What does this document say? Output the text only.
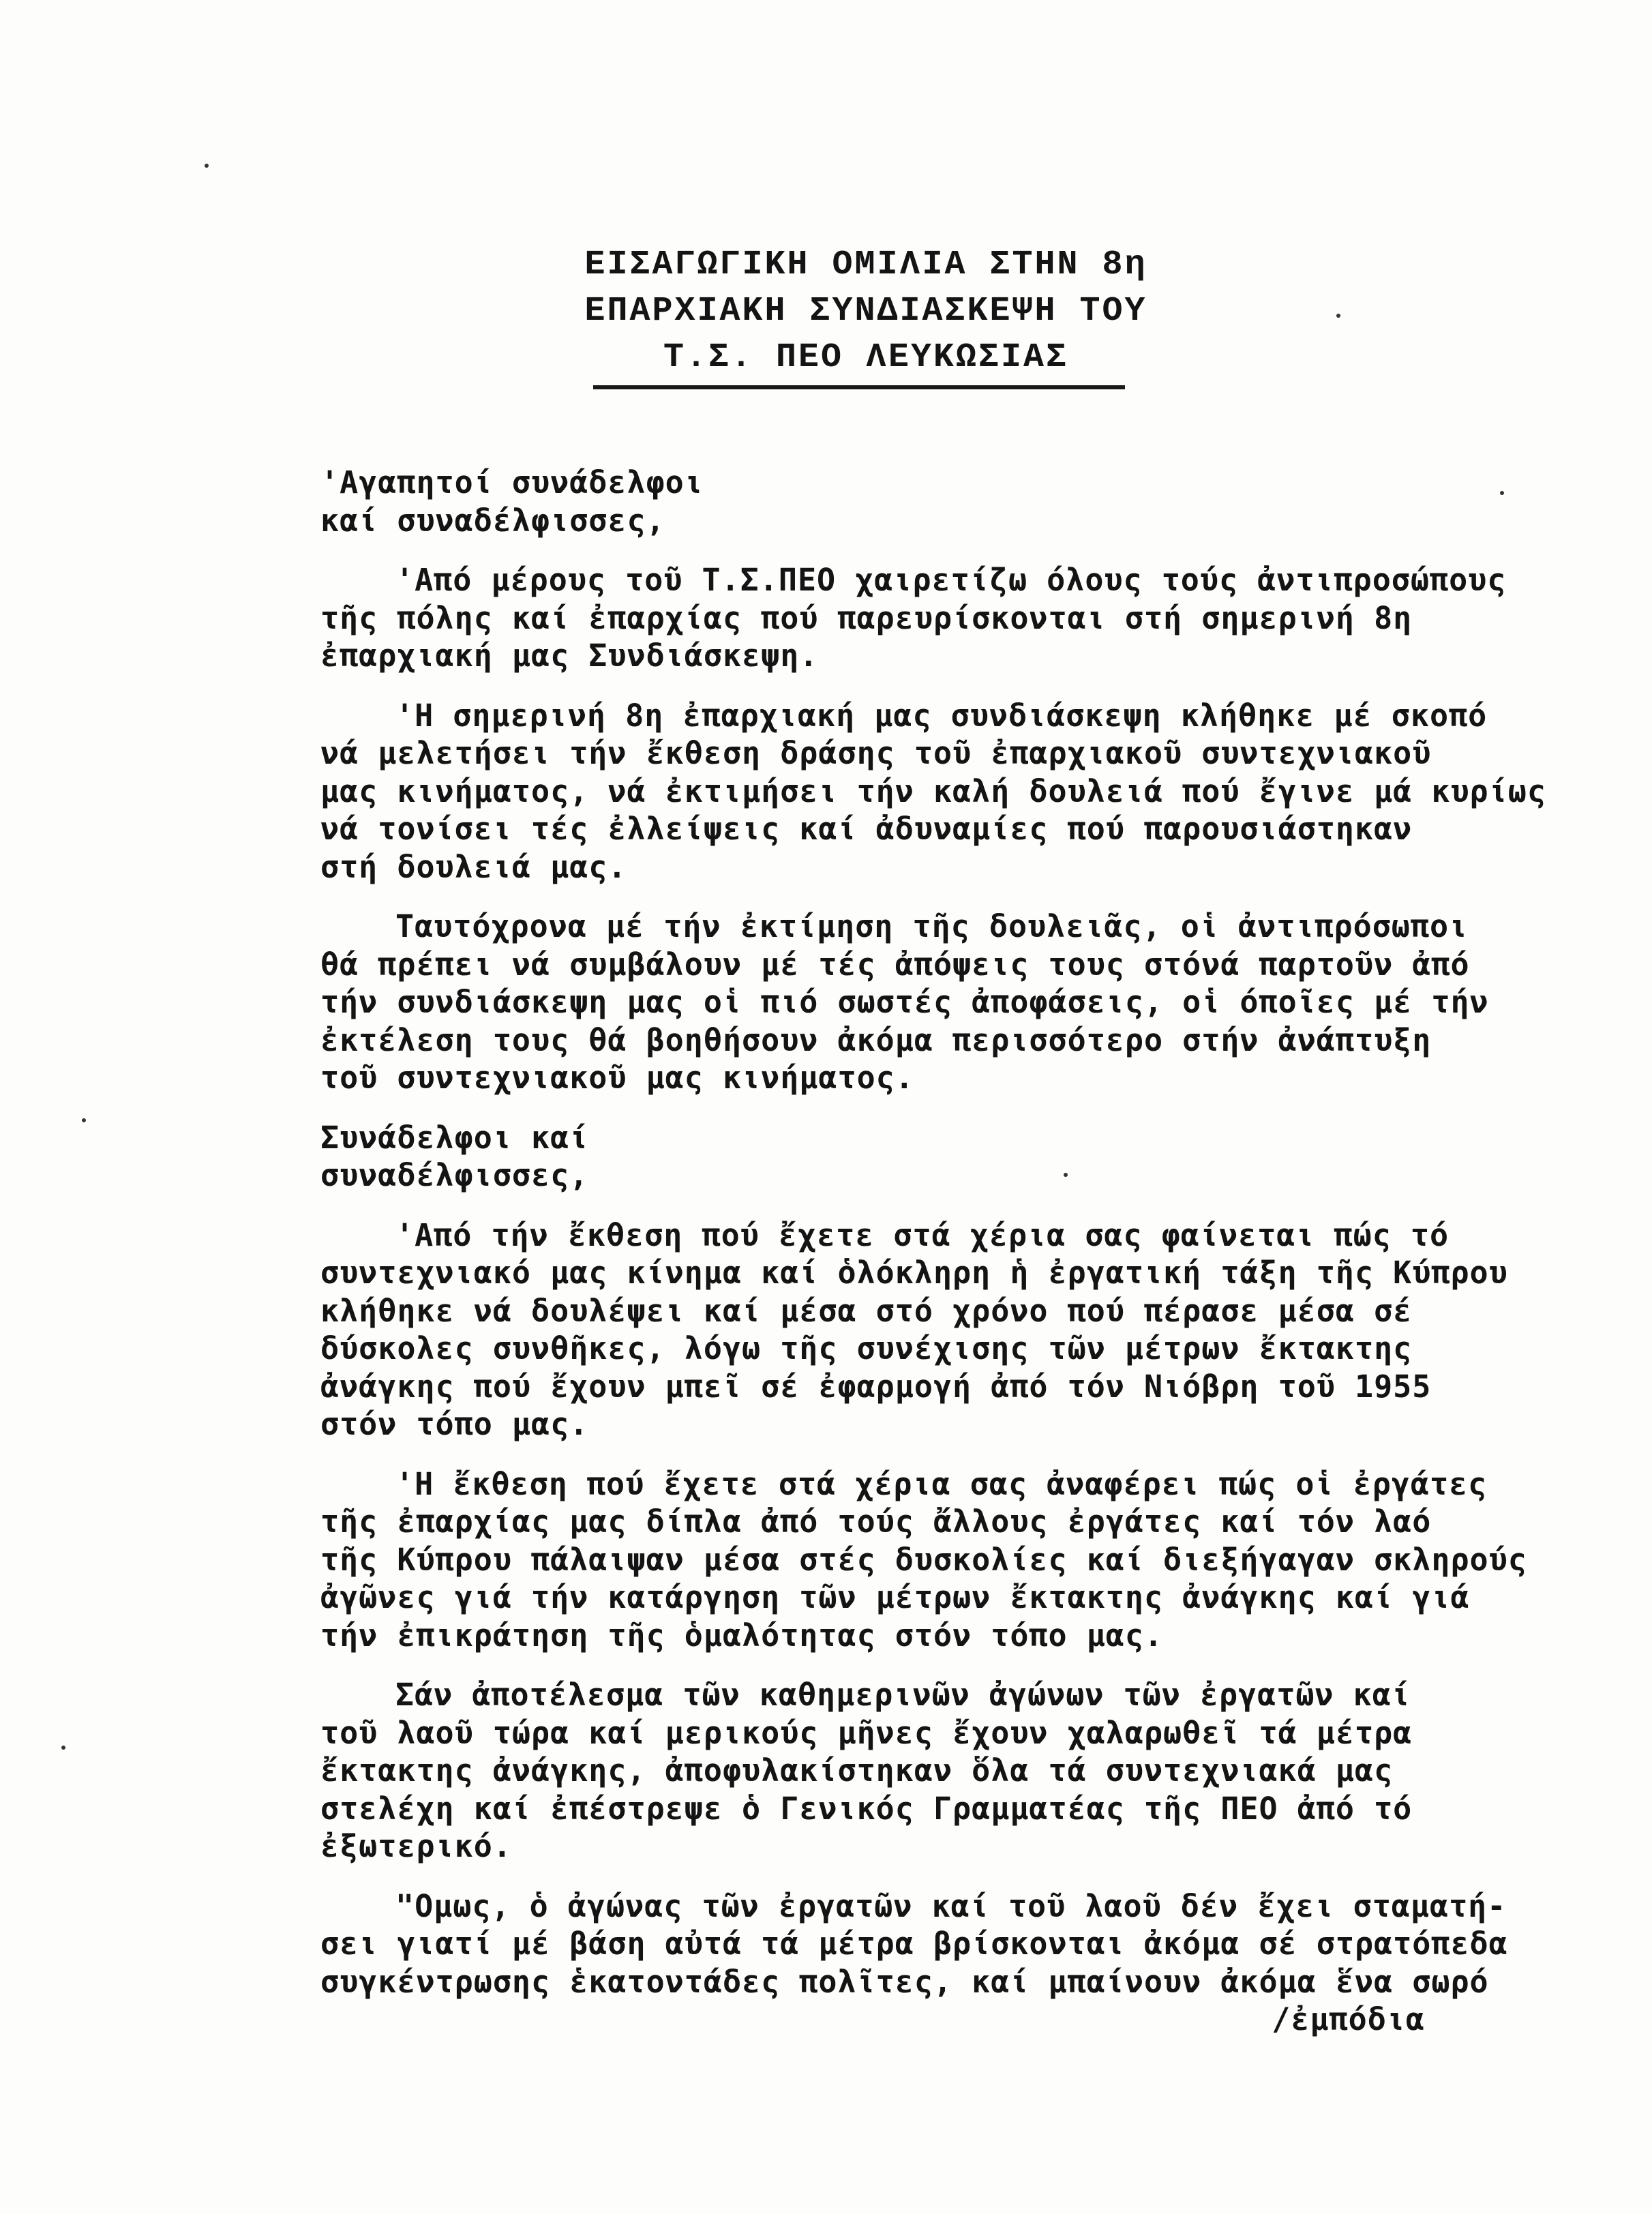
ΕΙΣΑΓΩΓΙΚΗ ΟΜΙΛΙΑ ΣΤΗΝ 8η
ΕΠΑΡΧΙΑΚΗ ΣΥΝΔΙΑΣΚΕΨΗ ΤΟΥ
Τ.Σ. ΠΕΟ ΛΕΥΚΩΣΙΑΣ
'Αγαπητοί συνάδελφοι
καί συναδέλφισσες,
'Από μέρους τοῦ Τ.Σ.ΠΕΟ χαιρετίζω όλους τούς ἀντιπροσώπους
τῆς πόλης καί ἐπαρχίας πού παρευρίσκονται στή σημερινή 8η
ἐπαρχιακή μας Συνδιάσκεψη.
'Η σημερινή 8η ἐπαρχιακή μας συνδιάσκεψη κλήθηκε μέ σκοπό
νά μελετήσει τήν ἔκθεση δράσης τοῦ ἐπαρχιακοῦ συντεχνιακοῦ
μας κινήματος, νά ἐκτιμήσει τήν καλή δουλειά πού ἔγινε μά κυρίως
νά τονίσει τές ἐλλείψεις καί ἀδυναμίες πού παρουσιάστηκαν
στή δουλειά μας.
Ταυτόχρονα μέ τήν ἐκτίμηση τῆς δουλειᾶς, οἱ ἀντιπρόσωποι
θά πρέπει νά συμβάλουν μέ τές ἀπόψεις τους στόνά παρτοῦν ἀπό
τήν συνδιάσκεψη μας οἱ πιό σωστές ἀποφάσεις, οἱ όποῖες μέ τήν
ἐκτέλεση τους θά βοηθήσουν ἀκόμα περισσότερο στήν ἀνάπτυξη
τοῦ συντεχνιακοῦ μας κινήματος.
Συνάδελφοι καί
συναδέλφισσες,
'Από τήν ἔκθεση πού ἔχετε στά χέρια σας φαίνεται πώς τό
συντεχνιακό μας κίνημα καί ὁλόκληρη ἡ ἐργατική τάξη τῆς Κύπρου
κλήθηκε νά δουλέψει καί μέσα στό χρόνο πού πέρασε μέσα σέ
δύσκολες συνθῆκες, λόγω τῆς συνέχισης τῶν μέτρων ἔκτακτης
ἀνάγκης πού ἔχουν μπεῖ σέ ἐφαρμογή ἀπό τόν Νιόβρη τοῦ 1955
στόν τόπο μας.
'Η ἔκθεση πού ἔχετε στά χέρια σας ἀναφέρει πώς οἱ ἐργάτες
τῆς ἐπαρχίας μας δίπλα ἀπό τούς ἄλλους ἐργάτες καί τόν λαό
τῆς Κύπρου πάλαιψαν μέσα στές δυσκολίες καί διεξήγαγαν σκληρούς
ἀγῶνες γιά τήν κατάργηση τῶν μέτρων ἔκτακτης ἀνάγκης καί γιά
τήν ἐπικράτηση τῆς ὁμαλότητας στόν τόπο μας.
Σάν ἀποτέλεσμα τῶν καθημερινῶν ἀγώνων τῶν ἐργατῶν καί
τοῦ λαοῦ τώρα καί μερικούς μῆνες ἔχουν χαλαρωθεῖ τά μέτρα
ἔκτακτης ἀνάγκης, ἀποφυλακίστηκαν ὅλα τά συντεχνιακά μας
στελέχη καί ἐπέστρεψε ὁ Γενικός Γραμματέας τῆς ΠΕΟ ἀπό τό
ἐξωτερικό.
"Ομως, ὁ ἀγώνας τῶν ἐργατῶν καί τοῦ λαοῦ δέν ἔχει σταματή-
σει γιατί μέ βάση αὐτά τά μέτρα βρίσκονται ἀκόμα σέ στρατόπεδα
συγκέντρωσης ἑκατοντάδες πολῖτες, καί μπαίνουν ἀκόμα ἕνα σωρό
/ἐμπόδια
